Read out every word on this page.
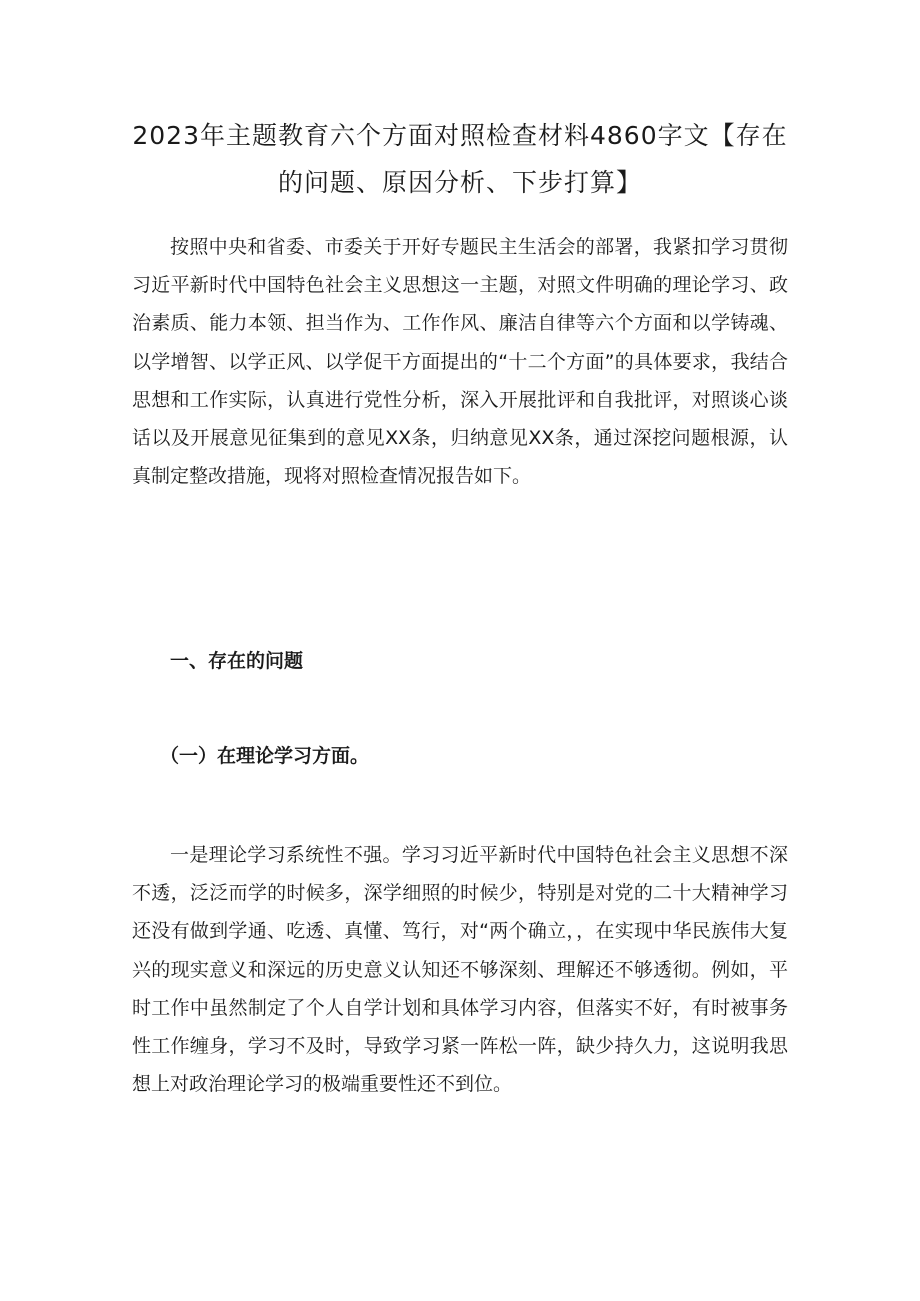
2023年主题教育六个方面对照检查材料4860字文【存在的问题、原因分析、下步打算】

按照中央和省委、市委关于开好专题民主生活会的部署，我紧扣学习贯彻习近平新时代中国特色社会主义思想这一主题，对照文件明确的理论学习、政治素质、能力本领、担当作为、工作作风、廉洁自律等六个方面和以学铸魂、以学增智、以学正风、以学促干方面提出的“十二个方面”的具体要求，我结合思想和工作实际，认真进行党性分析，深入开展批评和自我批评，对照谈心谈话以及开展意见征集到的意见XX条，归纳意见XX条，通过深挖问题根源，认真制定整改措施，现将对照检查情况报告如下。

一、存在的问题
（一）在理论学习方面。

一是理论学习系统性不强。学习习近平新时代中国特色社会主义思想不深不透，泛泛而学的时候多，深学细照的时候少，特别是对党的二十大精神学习还没有做到学通、吃透、真懂、笃行，对“两个确立，，在实现中华民族伟大复兴的现实意义和深远的历史意义认知还不够深刻、理解还不够透彻。例如，平时工作中虽然制定了个人自学计划和具体学习内容，但落实不好，有时被事务性工作缠身，学习不及时，导致学习紧一阵松一阵，缺少持久力，这说明我思想上对政治理论学习的极端重要性还不到位。
